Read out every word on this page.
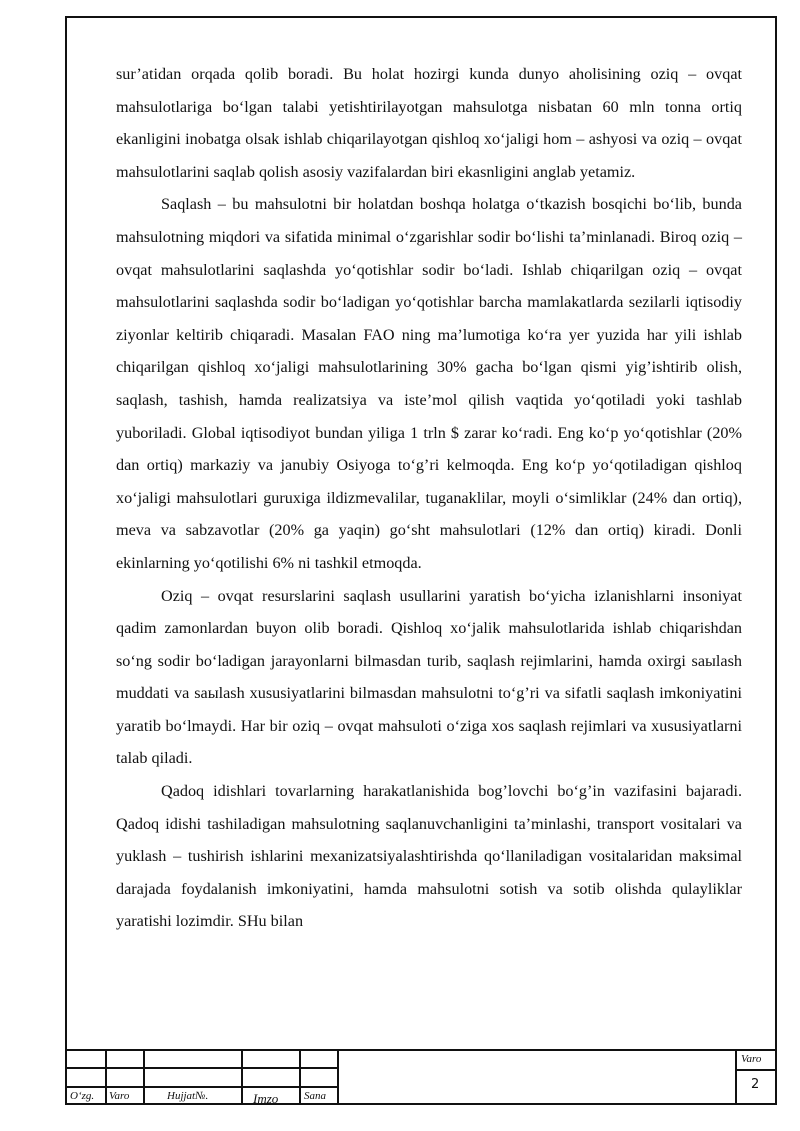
O‘zg. Varo	Hujjat№.	Imzo Sana
Varo
2

sur’atidan orqada qolib boradi. Bu holat hozirgi kunda dunyo aholisining oziq – ovqat mahsulotlariga bo‘lgan talabi yetishtirilayotgan mahsulotga nisbatan 60 mln tonna ortiq ekanligini inobatga olsak ishlab chiqarilayotgan qishloq xo‘jaligi hom – ashyosi va oziq – ovqat mahsulotlarini saqlab qolish asosiy vazifalardan biri ekasnligini anglab yetamiz.

Saqlash – bu mahsulotni bir holatdan boshqa holatga o‘tkazish bosqichi bo‘lib, bunda mahsulotning miqdori va sifatida minimal o‘zgarishlar sodir bo‘lishi ta’minlanadi. Biroq oziq – ovqat mahsulotlarini saqlashda yo‘qotishlar sodir bo‘ladi. Ishlab chiqarilgan oziq – ovqat mahsulotlarini saqlashda sodir bo‘ladigan yo‘qotishlar barcha mamlakatlarda sezilarli iqtisodiy ziyonlar keltirib chiqaradi. Masalan FAO ning ma’lumotiga ko‘ra yer yuzida har yili ishlab chiqarilgan qishloq xo‘jaligi mahsulotlarining 30% gacha bo‘lgan qismi yig’ishtirib olish, saqlash, tashish, hamda realizatsiya va iste’mol qilish vaqtida yo‘qotiladi yoki tashlab yuboriladi. Global iqtisodiyot bundan yiliga 1 trln $ zarar ko‘radi. Eng ko‘p yo‘qotishlar (20% dan ortiq) markaziy va janubiy Osiyoga to‘g’ri kelmoqda. Eng ko‘p yo‘qotiladigan qishloq xo‘jaligi mahsulotlari guruxiga ildizmevalilar, tuganaklilar, moyli o‘simliklar (24% dan ortiq), meva va sabzavotlar (20% ga yaqin) go‘sht mahsulotlari (12% dan ortiq) kiradi. Donli ekinlarning yo‘qotilishi 6% ni tashkil etmoqda.

Oziq – ovqat resurslarini saqlash usullarini yaratish bo‘yicha izlanishlarni insoniyat qadim zamonlardan buyon olib boradi. Qishloq xo‘jalik mahsulotlarida ishlab chiqarishdan so‘ng sodir bo‘ladigan jarayonlarni bilmasdan turib, saqlash rejimlarini, hamda oxirgi saыlash muddati va saыlash xususiyatlarini bilmasdan mahsulotni to‘g’ri va sifatli saqlash imkoniyatini yaratib bo‘lmaydi. Har bir oziq – ovqat mahsuloti o‘ziga xos saqlash rejimlari va xususiyatlarni talab qiladi.

Qadoq idishlari tovarlarning harakatlanishida bog’lovchi bo‘g’in vazifasini bajaradi. Qadoq idishi tashiladigan mahsulotning saqlanuvchanligini ta’minlashi, transport vositalari va yuklash – tushirish ishlarini mexanizatsiyalashtirishda qo‘llaniladigan vositalaridan maksimal darajada foydalanish imkoniyatini, hamda mahsulotni sotish va sotib olishda qulayliklar yaratishi lozimdir. SHu bilan
